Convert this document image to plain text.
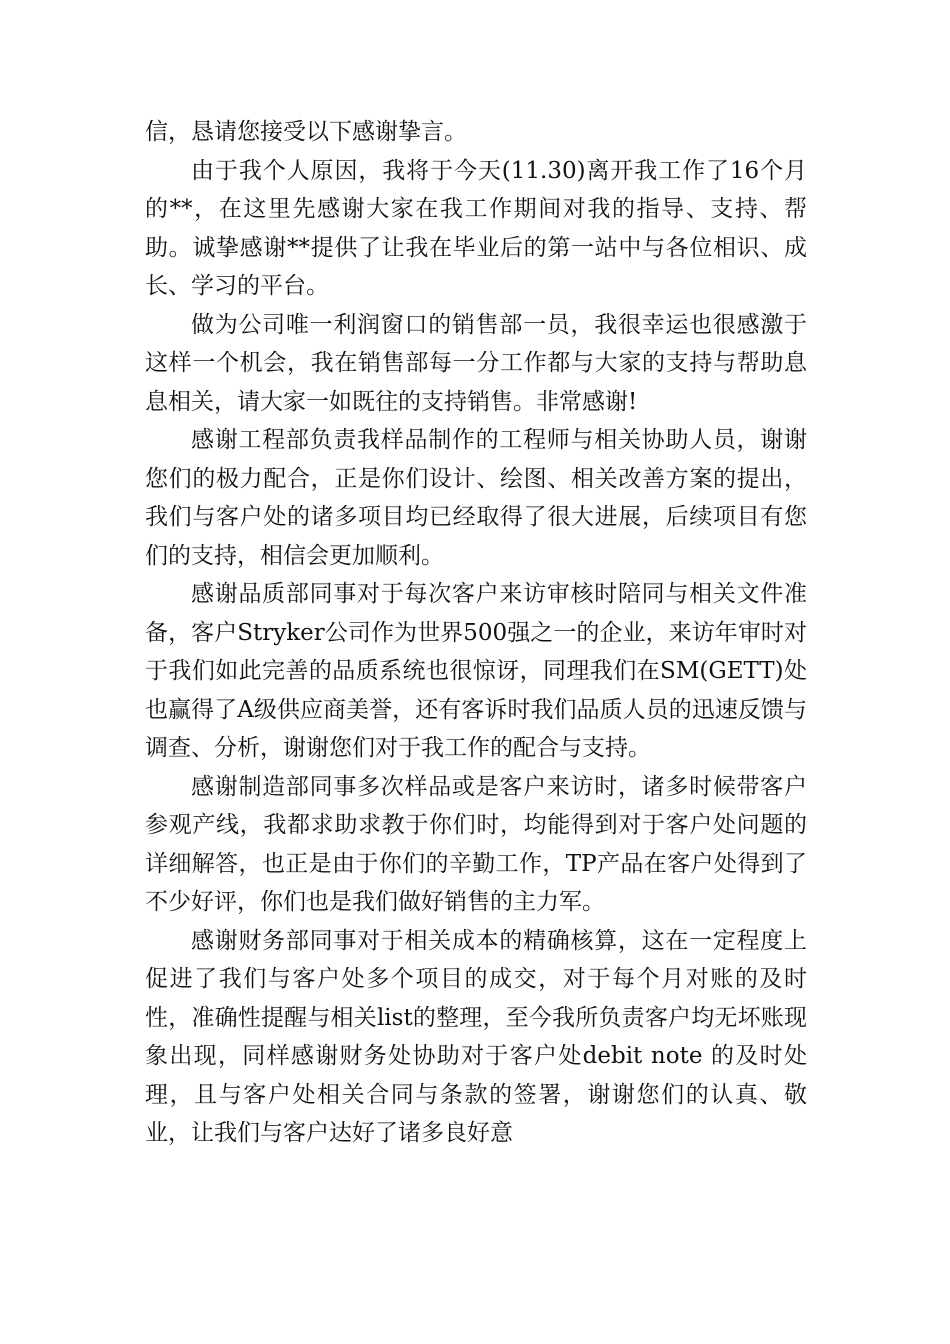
信，恳请您接受以下感谢挚言。

由于我个人原因，我将于今天(11.30)离开我工作了16个月的**，在这里先感谢大家在我工作期间对我的指导、支持、帮助。诚挚感谢**提供了让我在毕业后的第一站中与各位相识、成长、学习的平台。

做为公司唯一利润窗口的销售部一员，我很幸运也很感激于这样一个机会，我在销售部每一分工作都与大家的支持与帮助息息相关，请大家一如既往的支持销售。非常感谢!

感谢工程部负责我样品制作的工程师与相关协助人员，谢谢您们的极力配合，正是你们设计、绘图、相关改善方案的提出，我们与客户处的诸多项目均已经取得了很大进展，后续项目有您们的支持，相信会更加顺利。

感谢品质部同事对于每次客户来访审核时陪同与相关文件准备，客户Stryker公司作为世界500强之一的企业，来访年审时对于我们如此完善的品质系统也很惊讶，同理我们在SM(GETT)处也赢得了A级供应商美誉，还有客诉时我们品质人员的迅速反馈与调查、分析，谢谢您们对于我工作的配合与支持。

感谢制造部同事多次样品或是客户来访时，诸多时候带客户参观产线，我都求助求教于你们时，均能得到对于客户处问题的详细解答，也正是由于你们的辛勤工作，TP产品在客户处得到了不少好评，你们也是我们做好销售的主力军。

感谢财务部同事对于相关成本的精确核算，这在一定程度上促进了我们与客户处多个项目的成交，对于每个月对账的及时性，准确性提醒与相关list的整理，至今我所负责客户均无坏账现象出现，同样感谢财务处协助对于客户处debit note 的及时处理，且与客户处相关合同与条款的签署，谢谢您们的认真、敬业，让我们与客户达好了诸多良好意
